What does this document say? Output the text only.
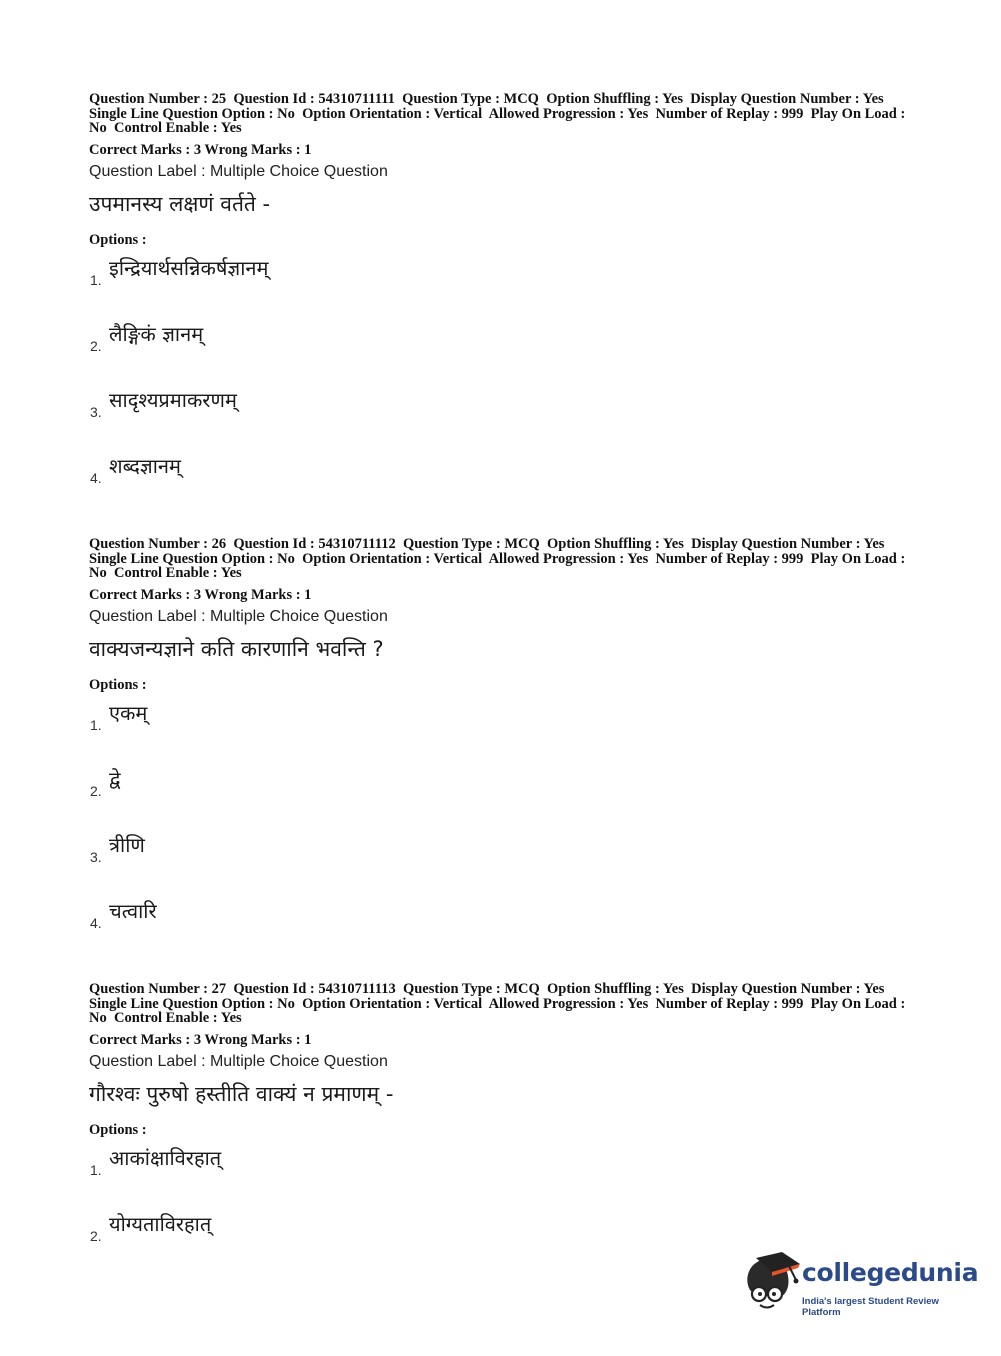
Question Number : 25  Question Id : 54310711111  Question Type : MCQ  Option Shuffling : Yes  Display Question Number : Yes
Single Line Question Option : No  Option Orientation : Vertical  Allowed Progression : Yes  Number of Replay : 999  Play On Load :
No  Control Enable : Yes
Correct Marks : 3 Wrong Marks : 1
Question Label : Multiple Choice Question
उपमानस्य लक्षणं वर्तते -
Options :
1. इन्द्रियार्थसन्निकर्षज्ञानम्
2. लैङ्गिकं ज्ञानम्
3. सादृश्यप्रमाकरणम्
4. शब्दज्ञानम्
Question Number : 26  Question Id : 54310711112  Question Type : MCQ  Option Shuffling : Yes  Display Question Number : Yes
Single Line Question Option : No  Option Orientation : Vertical  Allowed Progression : Yes  Number of Replay : 999  Play On Load :
No  Control Enable : Yes
Correct Marks : 3 Wrong Marks : 1
Question Label : Multiple Choice Question
वाक्यजन्यज्ञाने कति कारणानि भवन्ति ?
Options :
1. एकम्
2. द्वे
3. त्रीणि
4. चत्वारि
Question Number : 27  Question Id : 54310711113  Question Type : MCQ  Option Shuffling : Yes  Display Question Number : Yes
Single Line Question Option : No  Option Orientation : Vertical  Allowed Progression : Yes  Number of Replay : 999  Play On Load :
No  Control Enable : Yes
Correct Marks : 3 Wrong Marks : 1
Question Label : Multiple Choice Question
गौरश्वः पुरुषो हस्तीति वाक्यं न प्रमाणम् -
Options :
1. आकांक्षाविरहात्
2. योग्यताविरहात्
collegedunia
India's largest Student Review Platform
